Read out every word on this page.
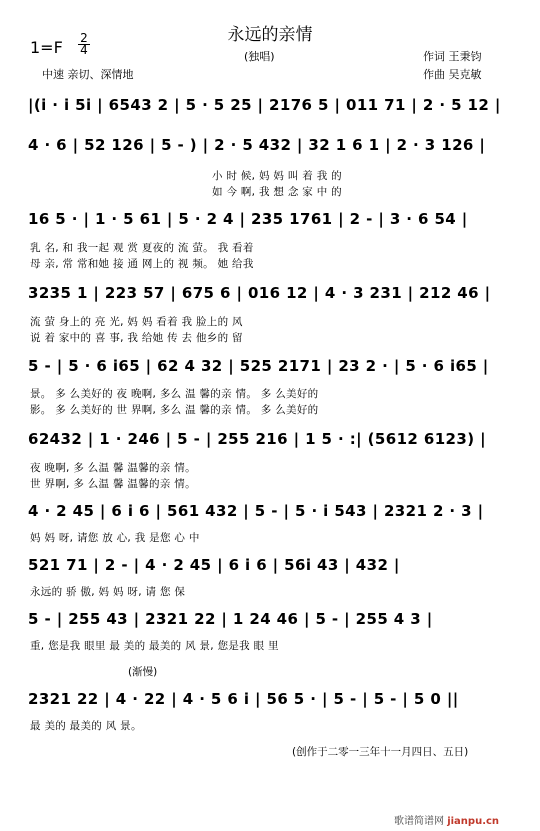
永远的亲情
$1=F \frac{2}{4}$
(独唱)
中速 亲切、深情地
作词 王秉钧
作曲 吴克敏
|(i · i 5i | 6543 2 | 5 · 5 25 | 2176 5 | 011 71 | 2 · 5 12 |
4 · 6 | 52 126 | 5 - ) | 2 · 5 432 | 32 1 6 1 | 2 · 3 126 |
小 时 候, 妈 妈 叫 着 我 的
如 今 啊, 我 想 念 家 中 的
16 5 · | 1 · 5 61 | 5 · 2 4 | 235 1761 | 2 - | 3 · 6 54 |
乳 名, 和 我一起 观 赏 夏夜的 流 萤。 我 看着
母 亲, 常 常和她 接 通 网上的 视 频。 她 给我
3235 1 | 223 57 | 675 6 | 016 12 | 4 · 3 231 | 212 46 |
流 萤 身上的 亮 光, 妈 妈 看着 我 脸上的 风
说 着 家中的 喜 事, 我 给她 传 去 他乡的 留
5 - | 5 · 6 i65 | 62 4 32 | 525 2171 | 23 2 · | 5 · 6 i65 |
景。 多 么美好的 夜 晚啊, 多么 温 馨的亲 情。 多 么美好的
影。 多 么美好的 世 界啊, 多么 温 馨的亲 情。 多 么美好的
62432 | 1 · 246 | 5 - | 255 216 | 1 5 · :| (5612 6123) |
夜 晚啊, 多 么温 馨 温馨的亲 情。
世 界啊, 多 么温 馨 温馨的亲 情。
4 · 2 45 | 6 i 6 | 561 432 | 5 - | 5 · i 543 | 2321 2 · 3 |
妈 妈 呀, 请您 放 心, 我 是您 心 中
521 71 | 2 - | 4 · 2 45 | 6 i 6 | 56i 43 | 432 |
永远的 骄 傲, 妈 妈 呀, 请 您 保
5 - | 255 43 | 2321 22 | 1 24 46 | 5 - | 255 4 3 |
重, 您是我 眼里 最 美的 最美的 风 景, 您是我 眼 里
(渐慢)
2321 22 | 4 · 22 | 4 · 5 6 i | 56 5 · | 5 - | 5 - | 5 0 ||
最 美的 最美的 风 景。
(创作于二零一三年十一月四日、五日)
歌谱简谱网 jianpu.cn
